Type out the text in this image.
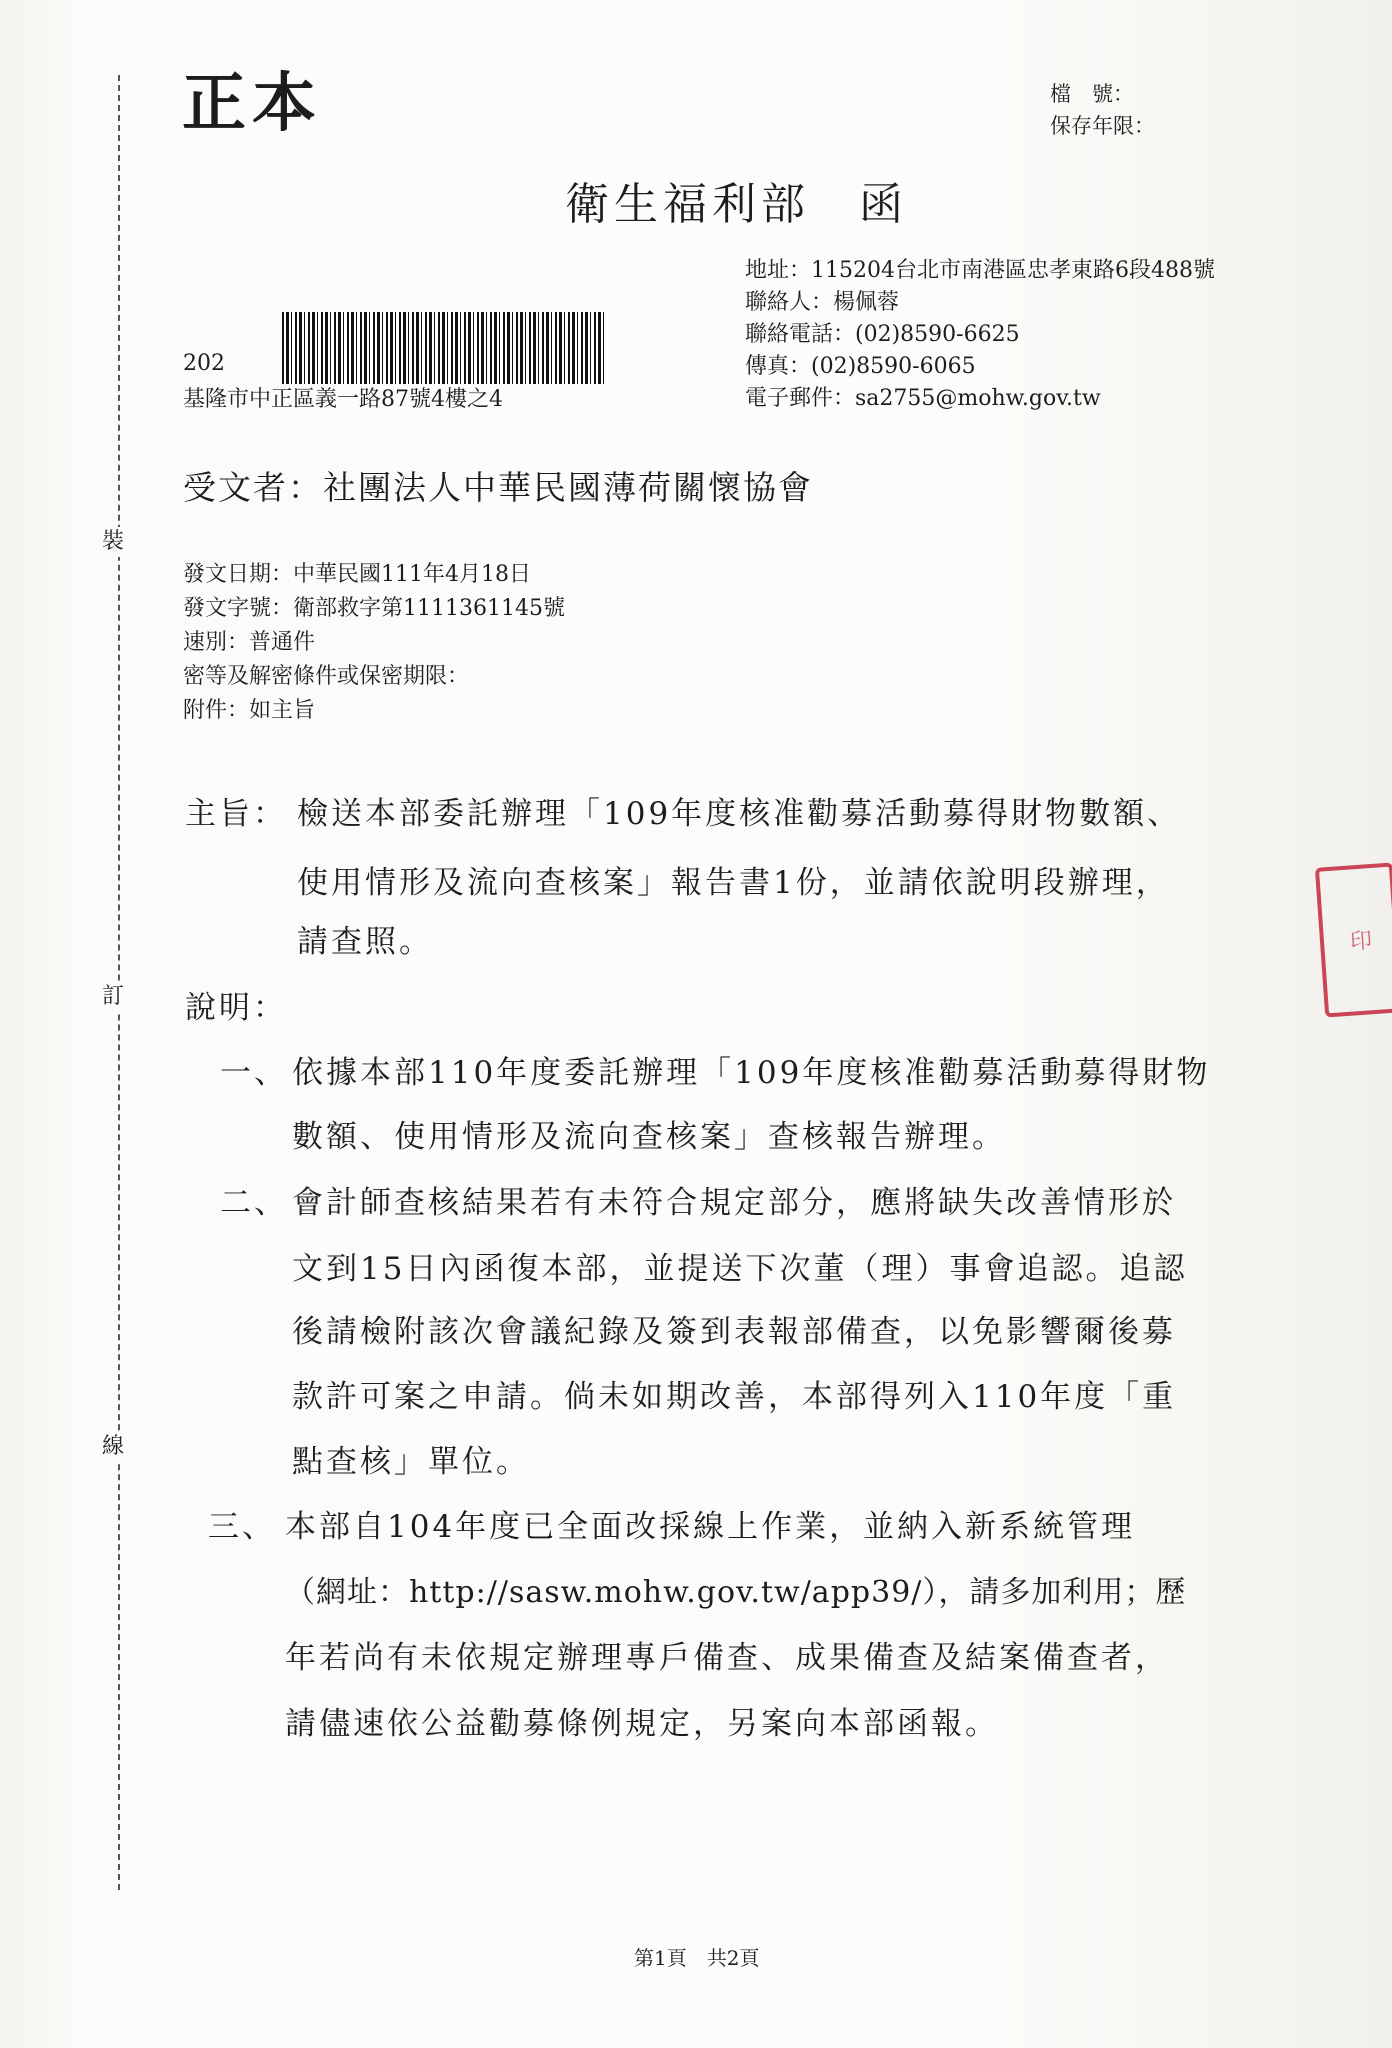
裝
訂
線
正本	檔　號：
保存年限：
衛生福利部　函
地址：115204台北市南港區忠孝東路6段488號
聯絡人：楊佩蓉
聯絡電話：(02)8590-6625
傳真：(02)8590-6065
電子郵件：sa2755@mohw.gov.tw
202
基隆市中正區義一路87號4樓之4
受文者：社團法人中華民國薄荷關懷協會
發文日期：中華民國111年4月18日
發文字號：衛部救字第1111361145號
速別：普通件
密等及解密條件或保密期限：
附件：如主旨
主旨： 檢送本部委託辦理「109年度核准勸募活動募得財物數額、
使用情形及流向查核案」報告書1份，並請依說明段辦理，
請查照。
說明：
一、 依據本部110年度委託辦理「109年度核准勸募活動募得財物
數額、使用情形及流向查核案」查核報告辦理。
二、 會計師查核結果若有未符合規定部分，應將缺失改善情形於
文到15日內函復本部，並提送下次董（理）事會追認。追認
後請檢附該次會議紀錄及簽到表報部備查，以免影響爾後募
款許可案之申請。倘未如期改善，本部得列入110年度「重
點查核」單位。
三、 本部自104年度已全面改採線上作業，並納入新系統管理
（網址：http://sasw.mohw.gov.tw/app39/），請多加利用；歷
年若尚有未依規定辦理專戶備查、成果備查及結案備查者，
請儘速依公益勸募條例規定，另案向本部函報。
第1頁　共2頁
印
